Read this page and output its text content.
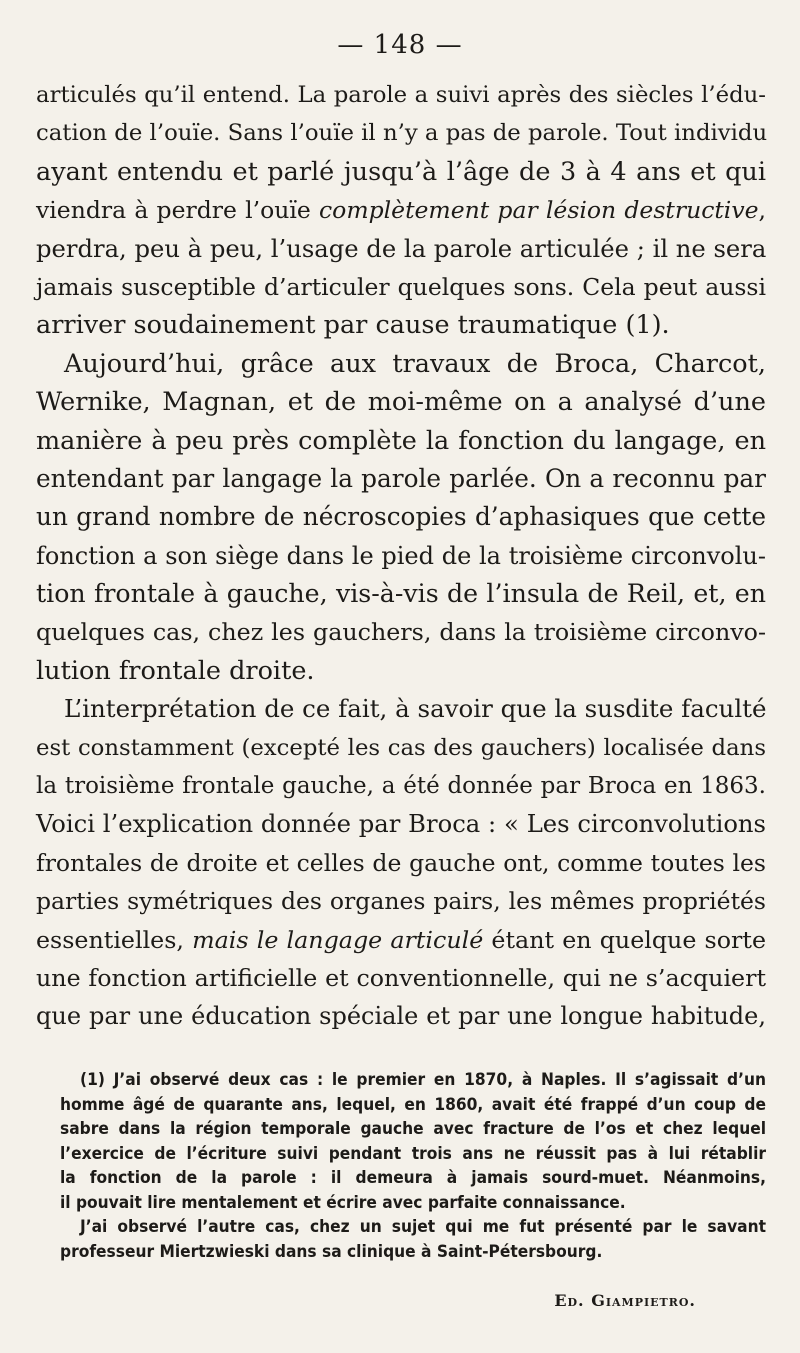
— 148 —

articulés qu’il entend. La parole a suivi après des siècles l’édu-
cation de l’ouïe. Sans l’ouïe il n’y a pas de parole. Tout individu
ayant entendu et parlé jusqu’à l’âge de 3 à 4 ans et qui
viendra à perdre l’ouïe complètement par lésion destructive,
perdra, peu à peu, l’usage de la parole articulée ; il ne sera
jamais susceptible d’articuler quelques sons. Cela peut aussi
arriver soudainement par cause traumatique (1).

Aujourd’hui, grâce aux travaux de Broca, Charcot,
Wernike, Magnan, et de moi-même on a analysé d’une
manière à peu près complète la fonction du langage, en
entendant par langage la parole parlée. On a reconnu par
un grand nombre de nécroscopies d’aphasiques que cette
fonction a son siège dans le pied de la troisième circonvolu-
tion frontale à gauche, vis-à-vis de l’insula de Reil, et, en
quelques cas, chez les gauchers, dans la troisième circonvo-
lution frontale droite.

L’interprétation de ce fait, à savoir que la susdite faculté
est constamment (excepté les cas des gauchers) localisée dans
la troisième frontale gauche, a été donnée par Broca en 1863.
Voici l’explication donnée par Broca : « Les circonvolutions
frontales de droite et celles de gauche ont, comme toutes les
parties symétriques des organes pairs, les mêmes propriétés
essentielles, mais le langage articulé étant en quelque sorte
une fonction artificielle et conventionnelle, qui ne s’acquiert
que par une éducation spéciale et par une longue habitude,

(1) J’ai observé deux cas : le premier en 1870, à Naples. Il s’agissait d’un
homme âgé de quarante ans, lequel, en 1860, avait été frappé d’un coup de
sabre dans la région temporale gauche avec fracture de l’os et chez lequel
l’exercice de l’écriture suivi pendant trois ans ne réussit pas à lui rétablir
la fonction de la parole : il demeura à jamais sourd-muet. Néanmoins,
il pouvait lire mentalement et écrire avec parfaite connaissance.
J’ai observé l’autre cas, chez un sujet qui me fut présenté par le savant
professeur Miertzwieski dans sa clinique à Saint-Pétersbourg.
Ed. Giampietro.
